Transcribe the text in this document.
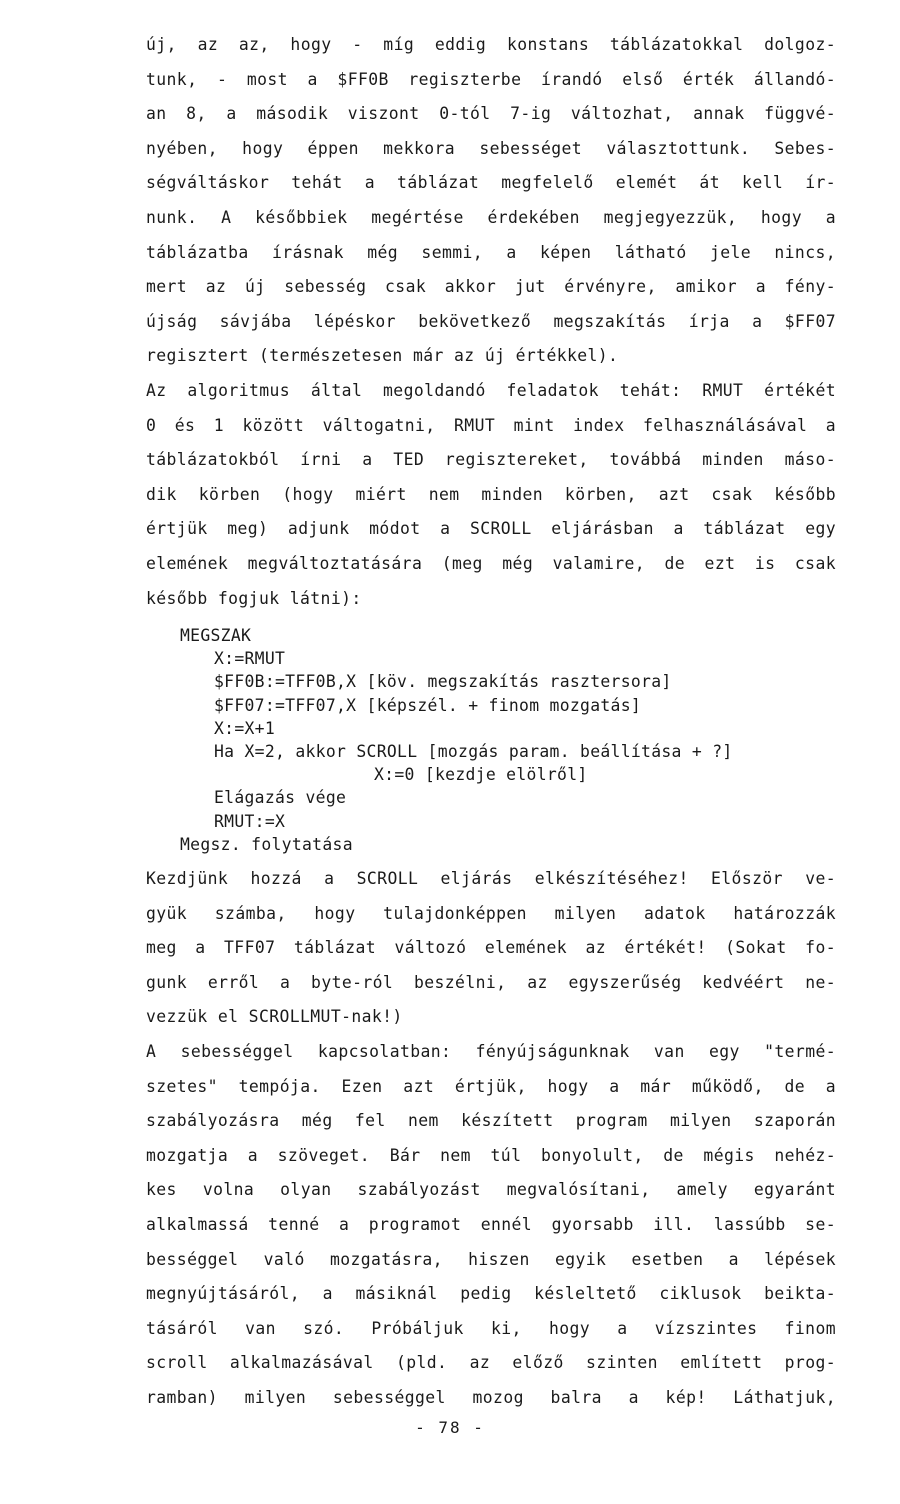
új, az az, hogy - míg eddig konstans táblázatokkal dolgoz-
tunk, - most a $FF0B regiszterbe írandó első érték állandó-
an 8, a második viszont 0-tól 7-ig változhat, annak függvé-
nyében, hogy éppen mekkora sebességet választottunk. Sebes-
ségváltáskor tehát a táblázat megfelelő elemét át kell ír-
nunk. A későbbiek megértése érdekében megjegyezzük, hogy a
táblázatba írásnak még semmi, a képen látható jele nincs,
mert az új sebesség csak akkor jut érvényre, amikor a fény-
újság sávjába lépéskor bekövetkező megszakítás írja a $FF07
regisztert (természetesen már az új értékkel).
Az algoritmus által megoldandó feladatok tehát: RMUT értékét
0 és 1 között váltogatni, RMUT mint index felhasználásával a
táblázatokból írni a TED regisztereket, továbbá minden máso-
dik körben (hogy miért nem minden körben, azt csak később
értjük meg) adjunk módot a SCROLL eljárásban a táblázat egy
elemének megváltoztatására (meg még valamire, de ezt is csak
később fogjuk látni):
MEGSZAK
X:=RMUT
$FF0B:=TFF0B,X [köv. megszakítás rasztersora]
$FF07:=TFF07,X [képszél. + finom mozgatás]
X:=X+1
Ha X=2, akkor SCROLL [mozgás param. beállítása + ?]
X:=0 [kezdje elölről]
Elágazás vége
RMUT:=X
Megsz. folytatása
Kezdjünk hozzá a SCROLL eljárás elkészítéséhez! Először ve-
gyük számba, hogy tulajdonképpen milyen adatok határozzák
meg a TFF07 táblázat változó elemének az értékét! (Sokat fo-
gunk erről a byte-ról beszélni, az egyszerűség kedvéért ne-
vezzük el SCROLLMUT-nak!)
A sebességgel kapcsolatban: fényújságunknak van egy "termé-
szetes" tempója. Ezen azt értjük, hogy a már működő, de a
szabályozásra még fel nem készített program milyen szaporán
mozgatja a szöveget. Bár nem túl bonyolult, de mégis nehéz-
kes volna olyan szabályozást megvalósítani, amely egyaránt
alkalmassá tenné a programot ennél gyorsabb ill. lassúbb se-
bességgel való mozgatásra, hiszen egyik esetben a lépések
megnyújtásáról, a másiknál pedig késleltető ciklusok beikta-
tásáról van szó. Próbáljuk ki, hogy a vízszintes finom
scroll alkalmazásával (pld. az előző szinten említett prog-
ramban) milyen sebességgel mozog balra a kép! Láthatjuk,
- 78 -
